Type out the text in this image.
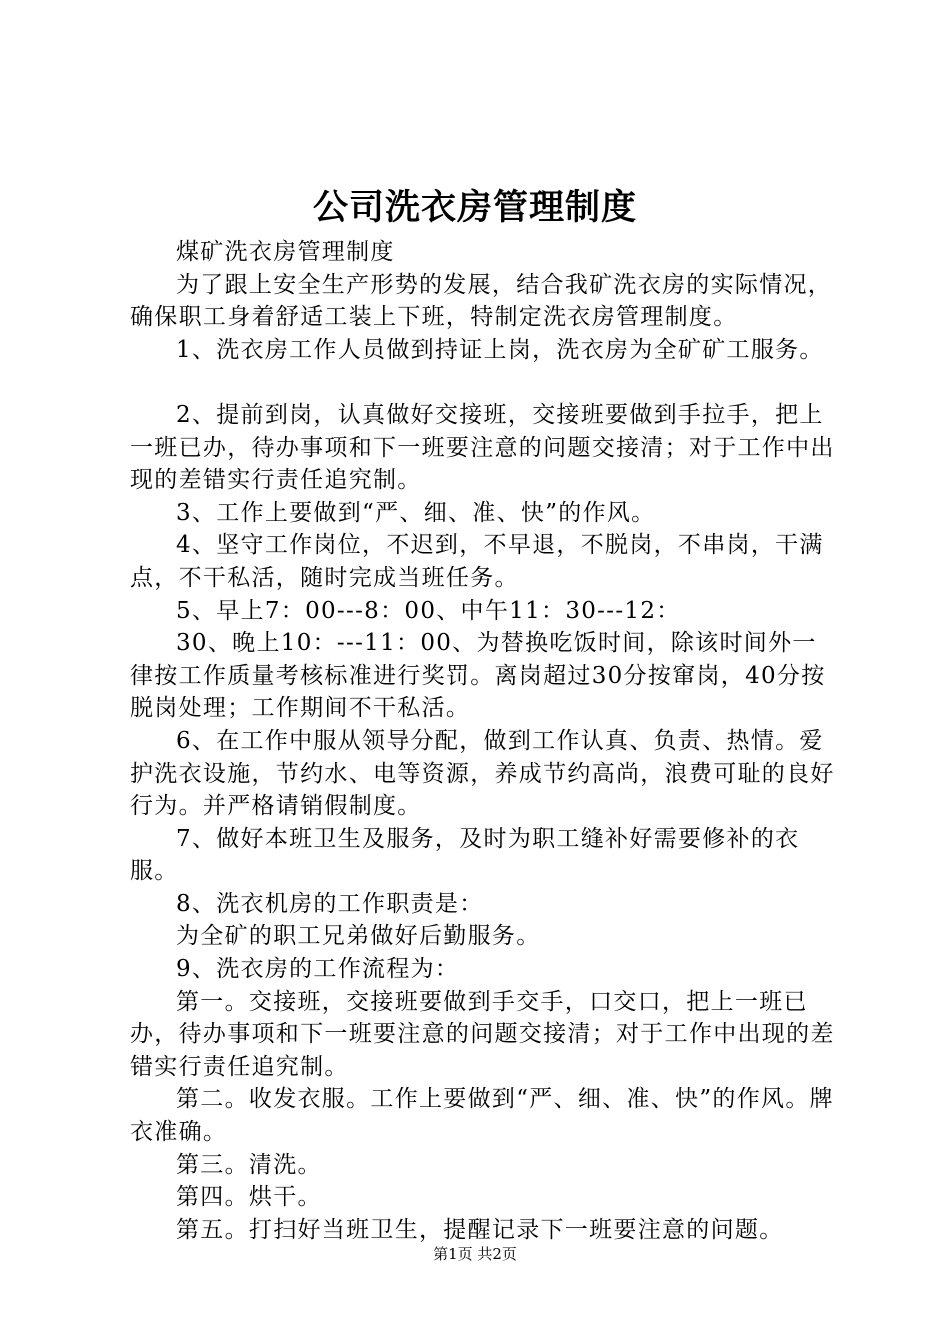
公司洗衣房管理制度

煤矿洗衣房管理制度

为了跟上安全生产形势的发展，结合我矿洗衣房的实际情况，确保职工身着舒适工装上下班，特制定洗衣房管理制度。

1、洗衣房工作人员做到持证上岗，洗衣房为全矿矿工服务。

2、提前到岗，认真做好交接班，交接班要做到手拉手，把上一班已办，待办事项和下一班要注意的问题交接清；对于工作中出现的差错实行责任追究制。

3、工作上要做到“严、细、准、快”的作风。

4、坚守工作岗位，不迟到，不早退，不脱岗，不串岗，干满点，不干私活，随时完成当班任务。

5、早上7：00---8：00、中午11：30---12：

30、晚上10：---11：00、为替换吃饭时间，除该时间外一律按工作质量考核标准进行奖罚。离岗超过30分按窜岗，40分按脱岗处理；工作期间不干私活。

6、在工作中服从领导分配，做到工作认真、负责、热情。爱护洗衣设施，节约水、电等资源，养成节约高尚，浪费可耻的良好行为。并严格请销假制度。

7、做好本班卫生及服务，及时为职工缝补好需要修补的衣服。

8、洗衣机房的工作职责是：

为全矿的职工兄弟做好后勤服务。

9、洗衣房的工作流程为：

第一。交接班，交接班要做到手交手，口交口，把上一班已办，待办事项和下一班要注意的问题交接清；对于工作中出现的差错实行责任追究制。

第二。收发衣服。工作上要做到“严、细、准、快”的作风。牌衣准确。

第三。清洗。

第四。烘干。

第五。打扫好当班卫生，提醒记录下一班要注意的问题。

第1页 共2页
